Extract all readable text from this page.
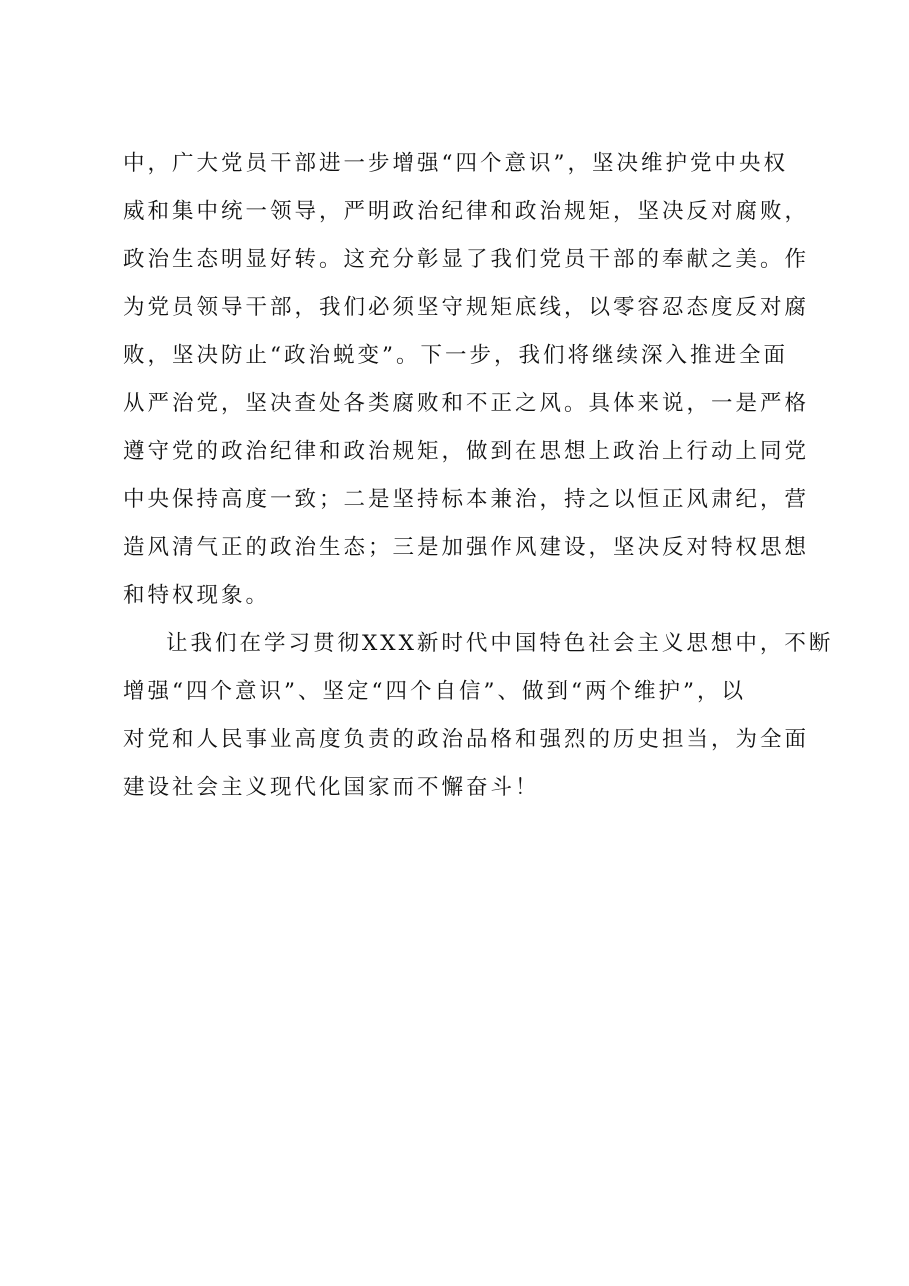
中，广大党员干部进一步增强“四个意识”，坚决维护党中央权
威和集中统一领导，严明政治纪律和政治规矩，坚决反对腐败，
政治生态明显好转。这充分彰显了我们党员干部的奉献之美。作
为党员领导干部，我们必须坚守规矩底线，以零容忍态度反对腐
败，坚决防止“政治蜕变”。下一步，我们将继续深入推进全面
从严治党，坚决查处各类腐败和不正之风。具体来说，一是严格
遵守党的政治纪律和政治规矩，做到在思想上政治上行动上同党
中央保持高度一致；二是坚持标本兼治，持之以恒正风肃纪，营
造风清气正的政治生态；三是加强作风建设，坚决反对特权思想
和特权现象。
让我们在学习贯彻XXX新时代中国特色社会主义思想中，不断
增强“四个意识”、坚定“四个自信”、做到“两个维护”，以
对党和人民事业高度负责的政治品格和强烈的历史担当，为全面
建设社会主义现代化国家而不懈奋斗！
